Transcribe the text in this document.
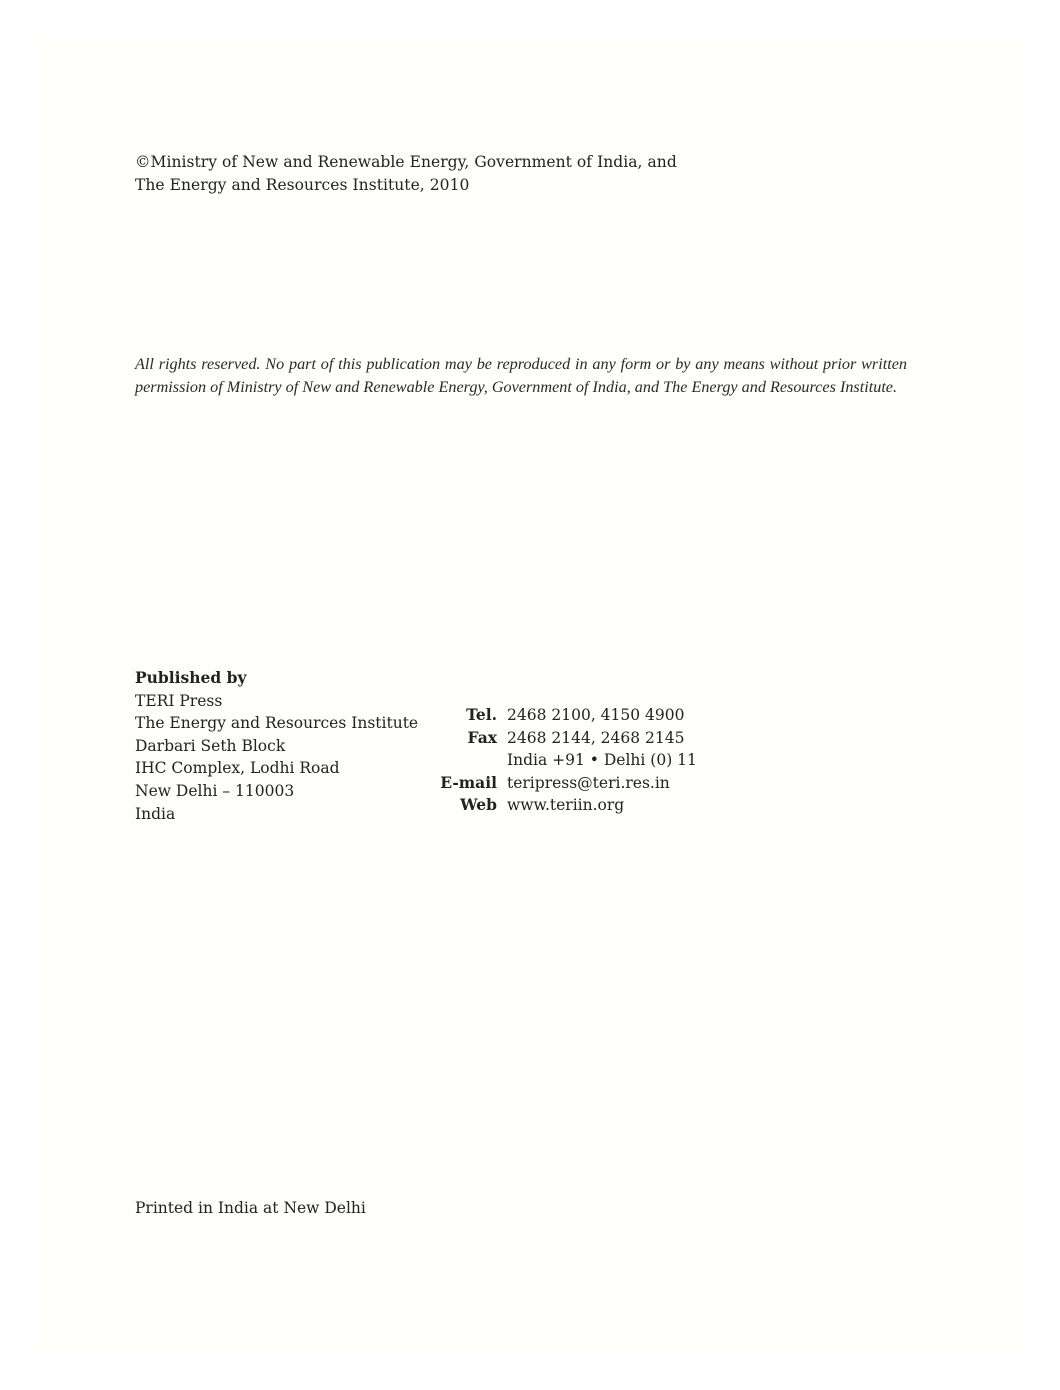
©Ministry of New and Renewable Energy, Government of India, and
The Energy and Resources Institute, 2010
All rights reserved. No part of this publication may be reproduced in any form or by any means without prior written permission of Ministry of New and Renewable Energy, Government of India, and The Energy and Resources Institute.
Published by
TERI Press
The Energy and Resources Institute
Darbari Seth Block
IHC Complex, Lodhi Road
New Delhi – 110003
India
Tel.	2468 2100, 4150 4900
Fax	2468 2144, 2468 2145
	India +91 • Delhi (0) 11
E-mail	teripress@teri.res.in
Web	www.teriin.org
Printed in India at New Delhi
